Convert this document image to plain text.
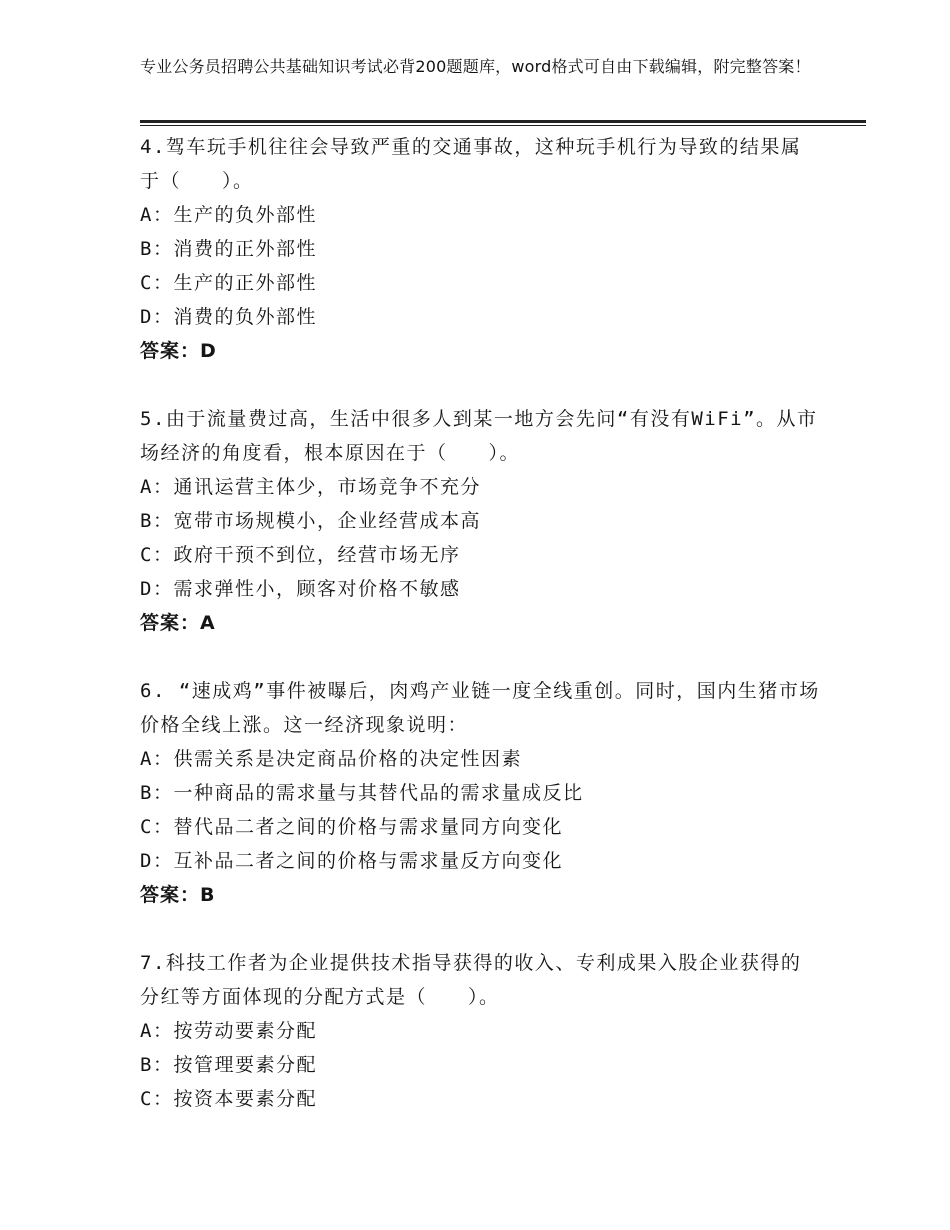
专业公务员招聘公共基础知识考试必背200题题库，word格式可自由下载编辑，附完整答案！
4.驾车玩手机往往会导致严重的交通事故，这种玩手机行为导致的结果属于（　　）。
A：生产的负外部性
B：消费的正外部性
C：生产的正外部性
D：消费的负外部性
答案：D
5.由于流量费过高，生活中很多人到某一地方会先问“有没有WiFi”。从市场经济的角度看，根本原因在于（　　）。
A：通讯运营主体少，市场竞争不充分
B：宽带市场规模小，企业经营成本高
C：政府干预不到位，经营市场无序
D：需求弹性小，顾客对价格不敏感
答案：A
6. “速成鸡”事件被曝后，肉鸡产业链一度全线重创。同时，国内生猪市场价格全线上涨。这一经济现象说明：
A：供需关系是决定商品价格的决定性因素
B：一种商品的需求量与其替代品的需求量成反比
C：替代品二者之间的价格与需求量同方向变化
D：互补品二者之间的价格与需求量反方向变化
答案：B
7.科技工作者为企业提供技术指导获得的收入、专利成果入股企业获得的分红等方面体现的分配方式是（　　）。
A：按劳动要素分配
B：按管理要素分配
C：按资本要素分配
